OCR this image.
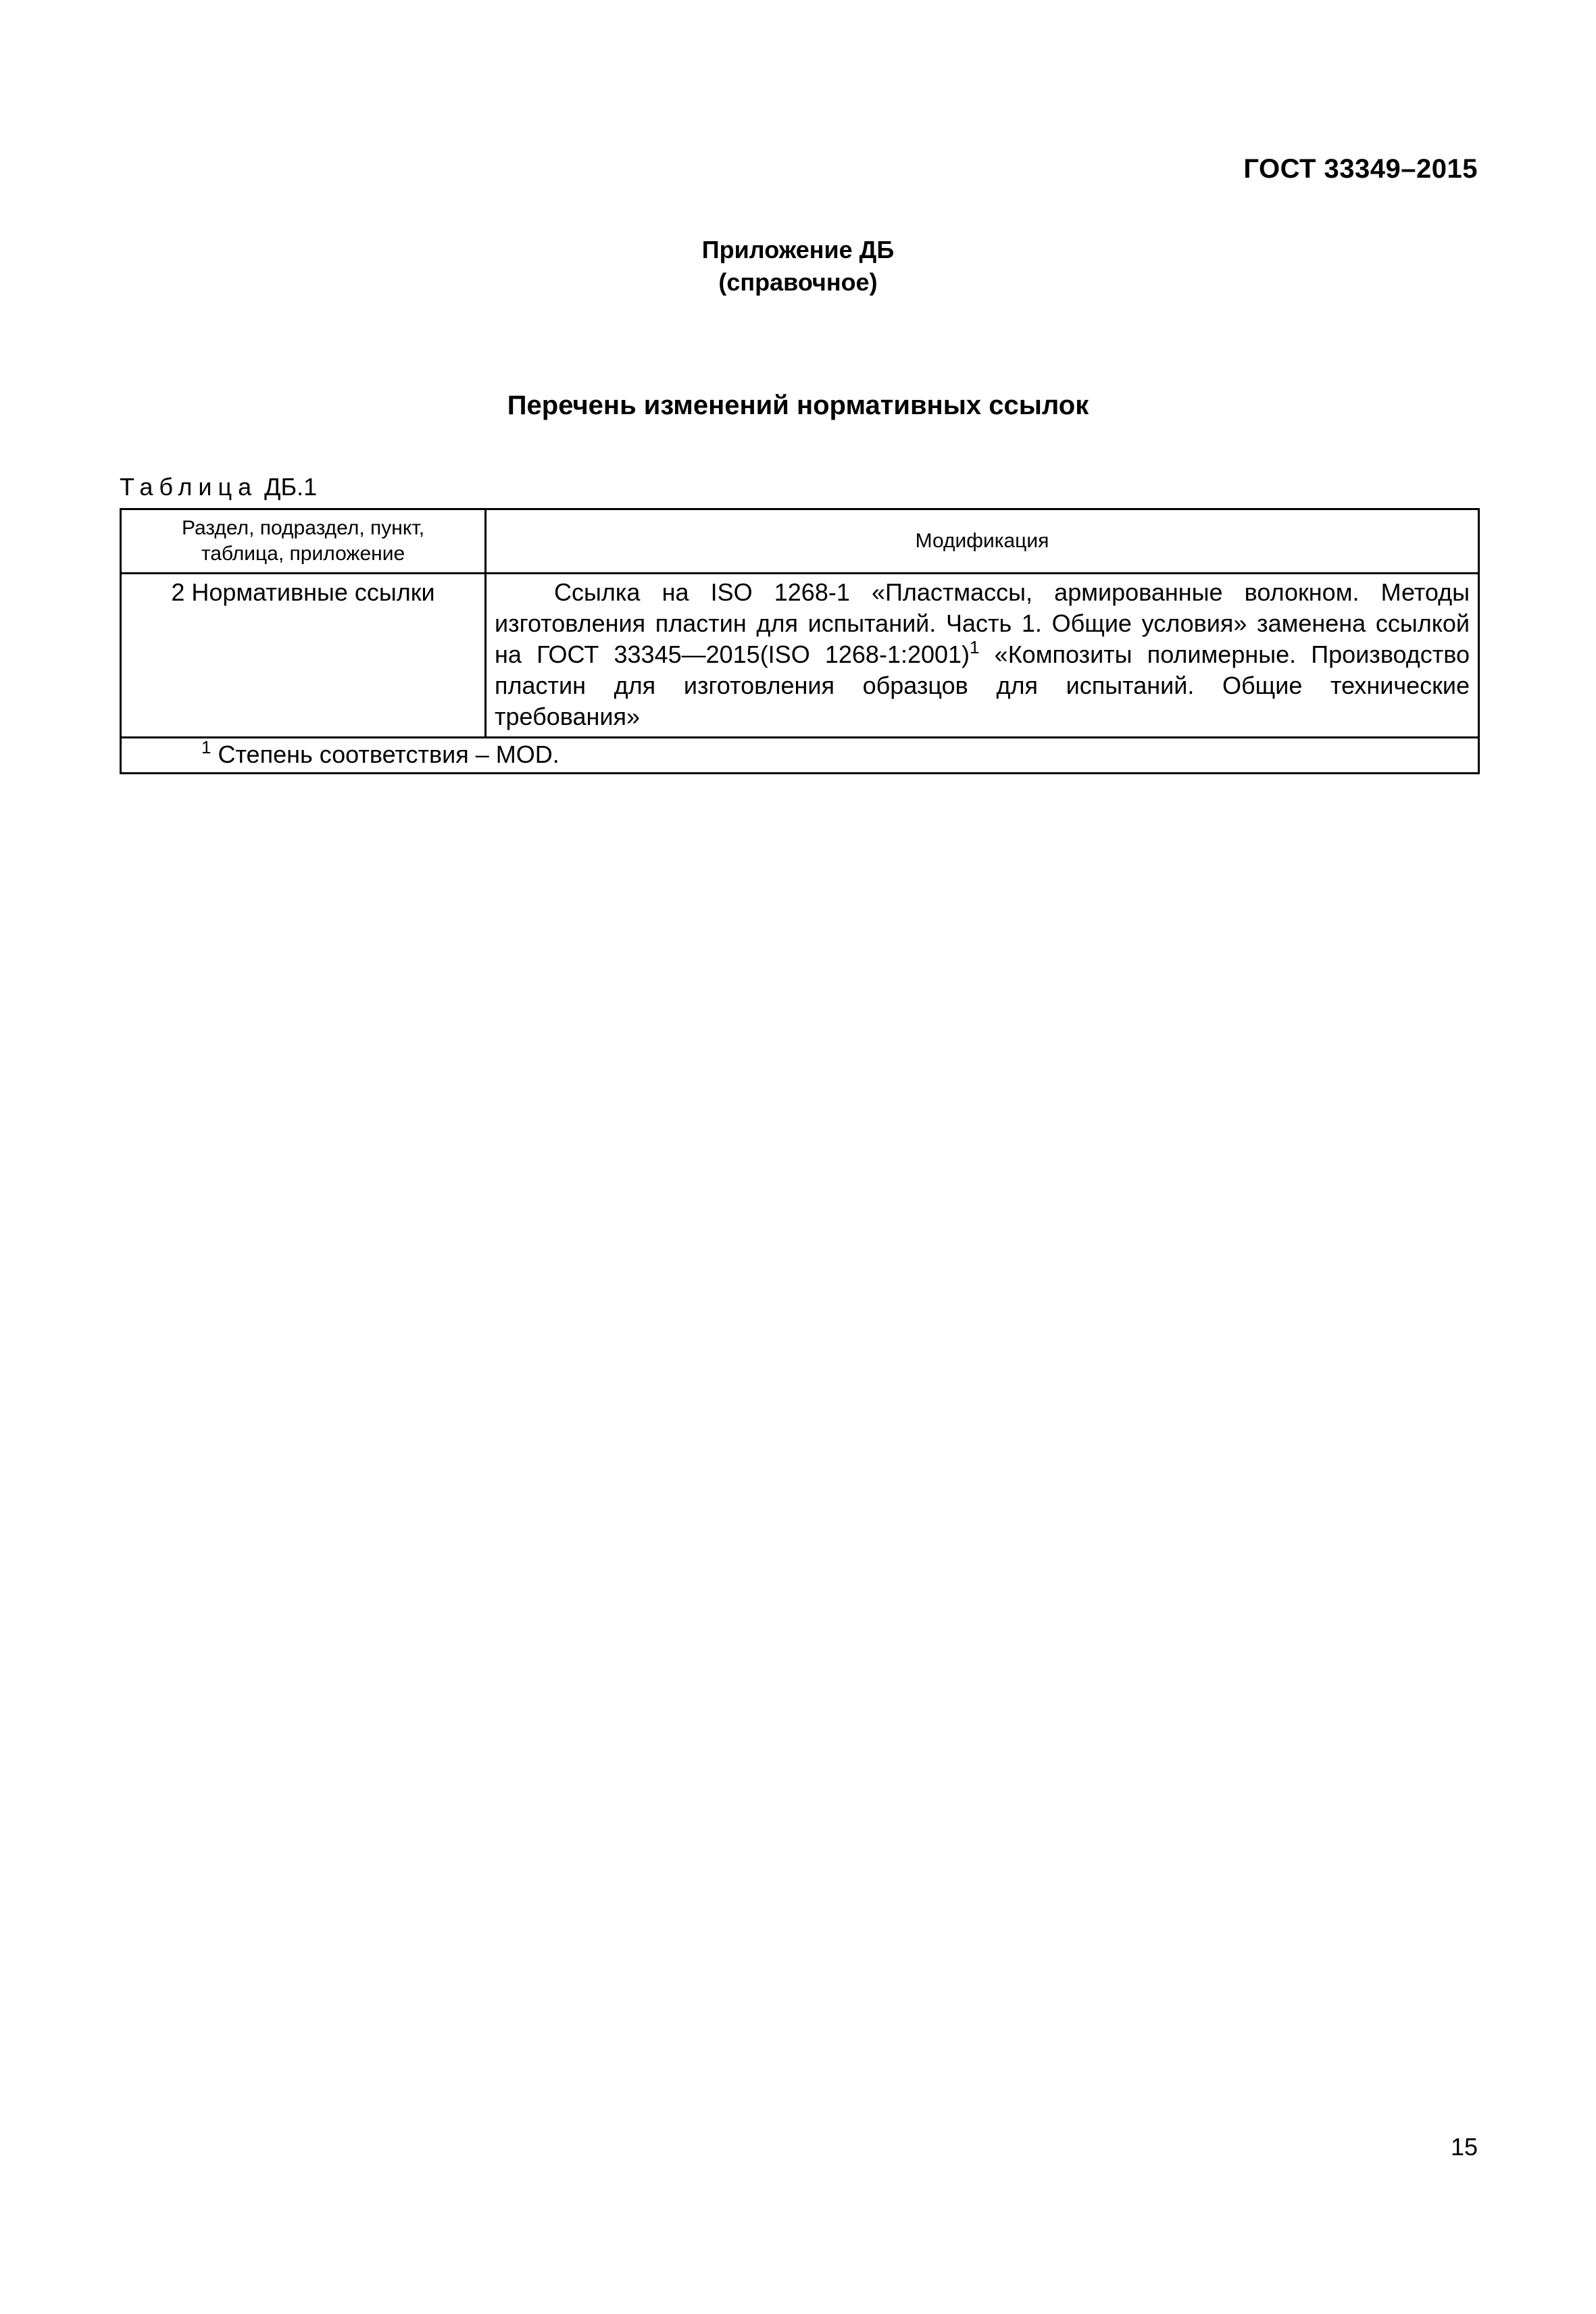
ГОСТ 33349–2015
Приложение ДБ
(справочное)
Перечень изменений нормативных ссылок
Таблица ДБ.1
Раздел, подраздел, пункт, таблица, приложение	Модификация
2 Нормативные ссылки	Ссылка на ISO 1268-1 «Пластмассы, армированные волокном. Методы изготовления пластин для испытаний. Часть 1. Общие условия» заменена ссылкой на ГОСТ 33345—2015(ISO 1268-1:2001)$^1$ «Композиты полимерные. Производство пластин для изготовления образцов для испытаний. Общие технические требования»
$^1$ Степень соответствия – MOD.	
15
